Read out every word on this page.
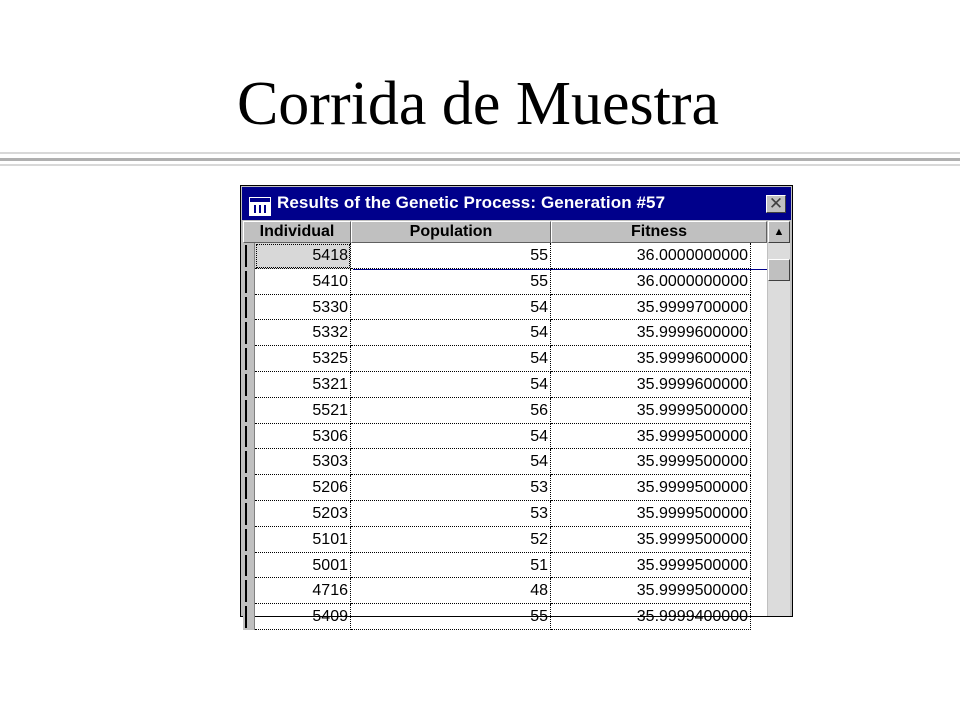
Corrida de Muestra
Results of the Genetic Process: Generation #57	✕
Individual	Population	Fitness
5418	55	36.0000000000
5410	55	36.0000000000
5330	54	35.9999700000
5332	54	35.9999600000
5325	54	35.9999600000
5321	54	35.9999600000
5521	56	35.9999500000
5306	54	35.9999500000
5303	54	35.9999500000
5206	53	35.9999500000
5203	53	35.9999500000
5101	52	35.9999500000
5001	51	35.9999500000
4716	48	35.9999500000
5409	55	35.9999400000
▲
